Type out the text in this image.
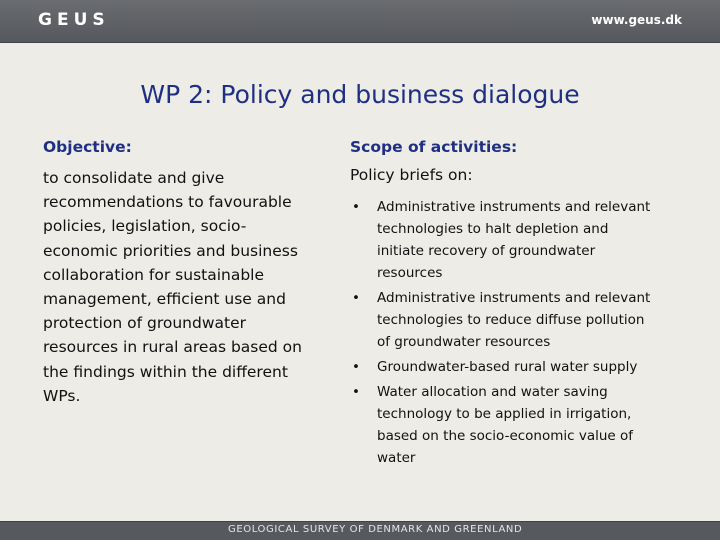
GEUS	www.geus.dk
WP 2: Policy and business dialogue
Objective:
to consolidate and give
recommendations to favourable
policies, legislation, socio-
economic priorities and business
collaboration for sustainable
management, efficient use and
protection of groundwater
resources in rural areas based on
the findings within the different
WPs.
Scope of activities:
Policy briefs on:
• Administrative instruments and relevant
technologies to halt depletion and
initiate recovery of groundwater
resources
• Administrative instruments and relevant
technologies to reduce diffuse pollution
of groundwater resources
• Groundwater-based rural water supply
• Water allocation and water saving
technology to be applied in irrigation,
based on the socio-economic value of
water
GEOLOGICAL SURVEY OF DENMARK AND GREENLAND
